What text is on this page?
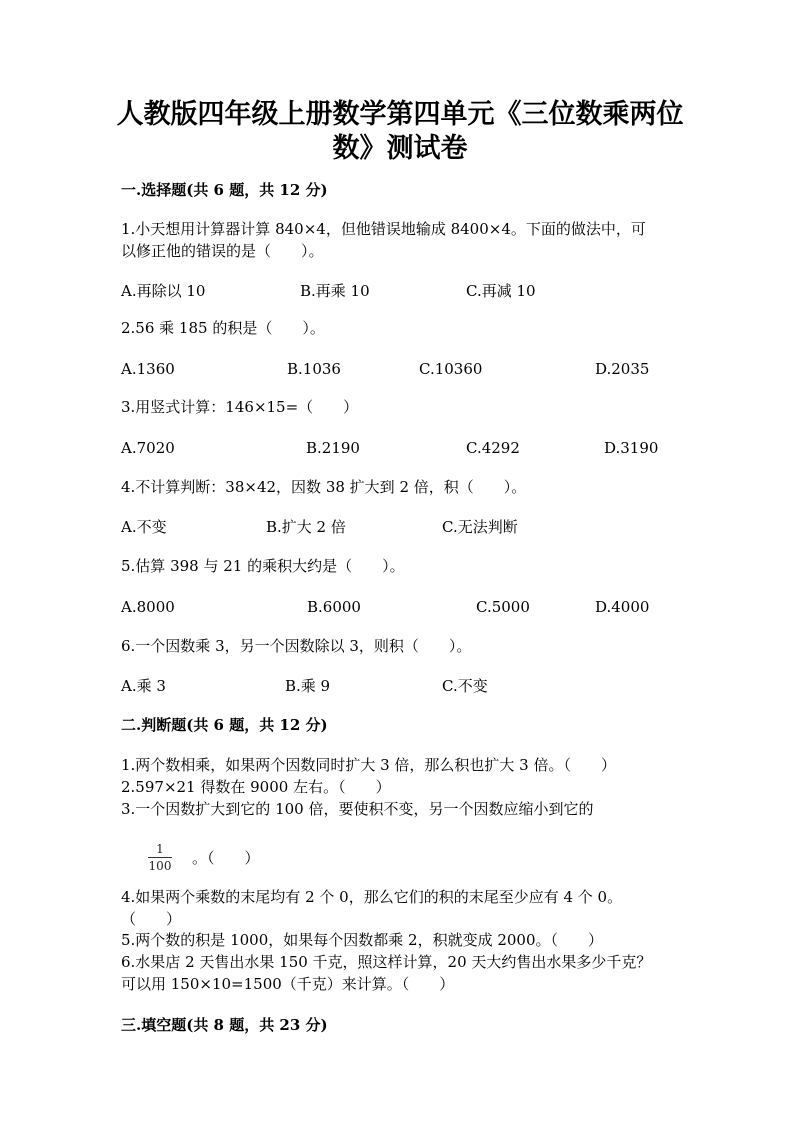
人教版四年级上册数学第四单元《三位数乘两位
数》测试卷
一.选择题(共 6 题，共 12 分)
1.小天想用计算器计算 840×4，但他错误地输成 8400×4。下面的做法中，可
以修正他的错误的是（　　）。
A.再除以 10	B.再乘 10	C.再减 10
2.56 乘 185 的积是（　　）。
A.1360	B.1036	C.10360	D.2035
3.用竖式计算：146×15=（　　）
A.7020	B.2190	C.4292	D.3190
4.不计算判断：38×42，因数 38 扩大到 2 倍，积（　　）。
A.不变	B.扩大 2 倍	C.无法判断
5.估算 398 与 21 的乘积大约是（　　）。
A.8000	B.6000	C.5000	D.4000
6.一个因数乘 3，另一个因数除以 3，则积（　　）。
A.乘 3	B.乘 9	C.不变
二.判断题(共 6 题，共 12 分)
1.两个数相乘，如果两个因数同时扩大 3 倍，那么积也扩大 3 倍。（　　）
2.597×21 得数在 9000 左右。（　　）
3.一个因数扩大到它的 100 倍，要使积不变，另一个因数应缩小到它的
1
100 。（　　）
4.如果两个乘数的末尾均有 2 个 0，那么它们的积的末尾至少应有 4 个 0。
（　　）
5.两个数的积是 1000，如果每个因数都乘 2，积就变成 2000。（　　）
6.水果店 2 天售出水果 150 千克，照这样计算，20 天大约售出水果多少千克？
可以用 150×10=1500（千克）来计算。（　　）
三.填空题(共 8 题，共 23 分)
